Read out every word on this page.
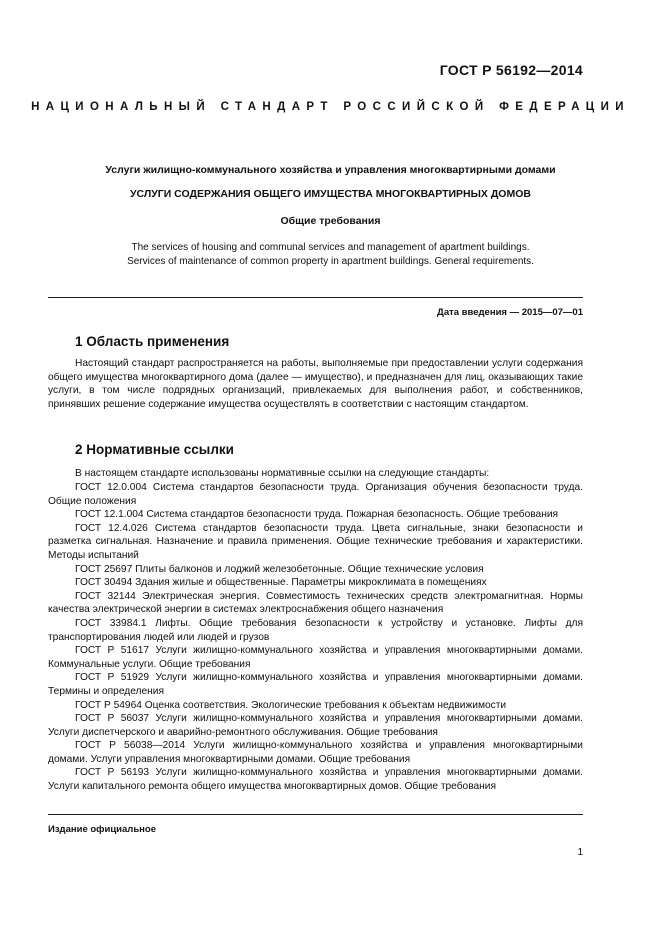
ГОСТ Р 56192—2014
НАЦИОНАЛЬНЫЙ СТАНДАРТ РОССИЙСКОЙ ФЕДЕРАЦИИ
Услуги жилищно-коммунального хозяйства и управления многоквартирными домами
УСЛУГИ СОДЕРЖАНИЯ ОБЩЕГО ИМУЩЕСТВА МНОГОКВАРТИРНЫХ ДОМОВ
Общие требования
The services of housing and communal services and management of apartment buildings.
Services of maintenance of common property in apartment buildings. General requirements.
Дата введения — 2015—07—01
1 Область применения
Настоящий стандарт распространяется на работы, выполняемые при предоставлении услуги содержания общего имущества многоквартирного дома (далее — имущество), и предназначен для лиц, оказывающих такие услуги, в том числе подрядных организаций, привлекаемых для выполнения работ, и собственников, принявших решение содержание имущества осуществлять в соответствии с настоящим стандартом.
2 Нормативные ссылки
В настоящем стандарте использованы нормативные ссылки на следующие стандарты:
ГОСТ 12.0.004 Система стандартов безопасности труда. Организация обучения безопасности труда. Общие положения
ГОСТ 12.1.004 Система стандартов безопасности труда. Пожарная безопасность. Общие требования
ГОСТ 12.4.026 Система стандартов безопасности труда. Цвета сигнальные, знаки безопасности и разметка сигнальная. Назначение и правила применения. Общие технические требования и характеристики. Методы испытаний
ГОСТ 25697 Плиты балконов и лоджий железобетонные. Общие технические условия
ГОСТ 30494 Здания жилые и общественные. Параметры микроклимата в помещениях
ГОСТ 32144 Электрическая энергия. Совместимость технических средств электромагнитная. Нормы качества электрической энергии в системах электроснабжения общего назначения
ГОСТ 33984.1 Лифты. Общие требования безопасности к устройству и установке. Лифты для транспортирования людей или людей и грузов
ГОСТ Р 51617 Услуги жилищно-коммунального хозяйства и управления многоквартирными домами. Коммунальные услуги. Общие требования
ГОСТ Р 51929 Услуги жилищно-коммунального хозяйства и управления многоквартирными домами. Термины и определения
ГОСТ Р 54964 Оценка соответствия. Экологические требования к объектам недвижимости
ГОСТ Р 56037 Услуги жилищно-коммунального хозяйства и управления многоквартирными домами. Услуги диспетчерского и аварийно-ремонтного обслуживания. Общие требования
ГОСТ Р 56038—2014 Услуги жилищно-коммунального хозяйства и управления многоквартирными домами. Услуги управления многоквартирными домами. Общие требования
ГОСТ Р 56193 Услуги жилищно-коммунального хозяйства и управления многоквартирными домами. Услуги капитального ремонта общего имущества многоквартирных домов. Общие требования
Издание официальное
1
